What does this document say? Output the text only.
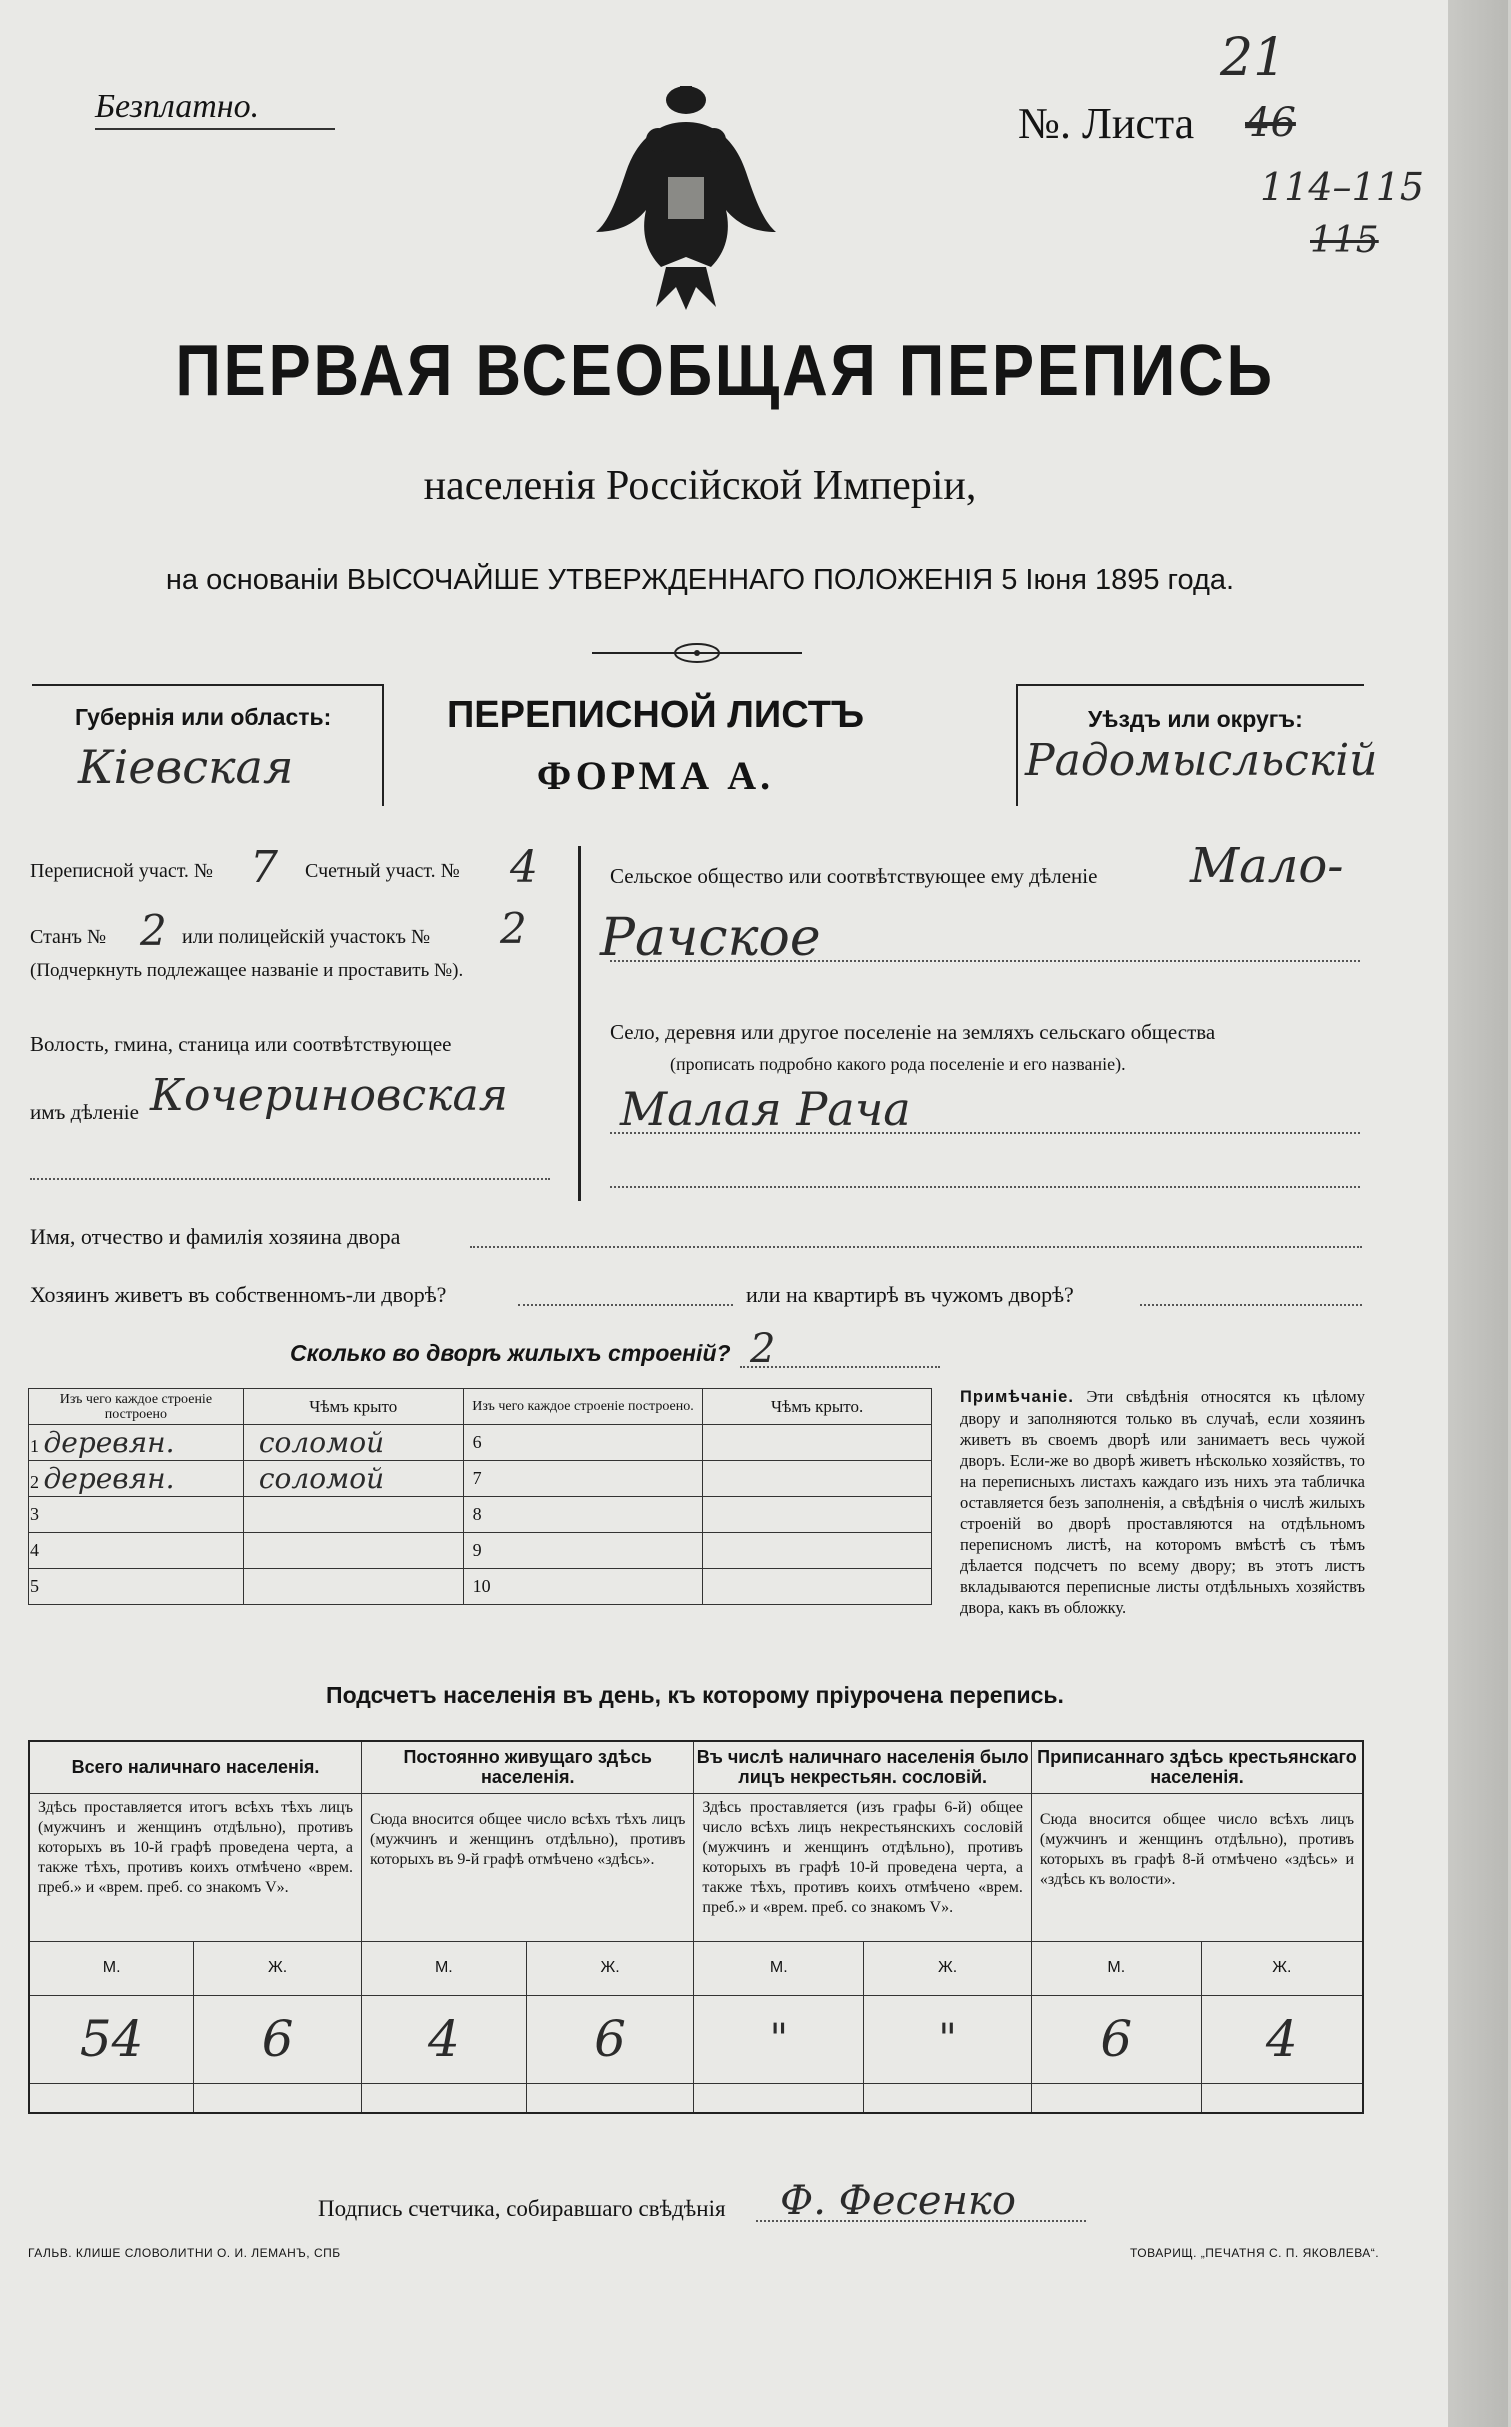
Безплатно.	№. Листа
21
46
114–115
115
ПЕРВАЯ ВСЕОБЩАЯ ПЕРЕПИСЬ
населенія Россійской Имперіи,
на основаніи ВЫСОЧАЙШЕ УТВЕРЖДЕННАГО ПОЛОЖЕНІЯ 5 Іюня 1895 года.
Губернія или область:
Кіевская
ПЕРЕПИСНОЙ ЛИСТЪ
ФОРМА А.
Уѣздъ или округъ:
Радомысльскій
Переписной участ. № 7 Счетный участ. № 4
Станъ № 2 или полицейскій участокъ № 2
(Подчеркнуть подлежащее названіе и проставить №).
Волость, гмина, станица или соотвѣтствующее
имъ дѣленіе Кочериновская
Сельское общество или соотвѣтствующее ему дѣленіе Мало-
Рачское
Село, деревня или другое поселеніе на земляхъ сельскаго общества
(прописать подробно какого рода поселеніе и его названіе).
Малая Рача
Имя, отчество и фамилія хозяина двора
Хозяинъ живетъ въ собственномъ-ли дворѣ?	или на квартирѣ въ чужомъ дворѣ?
Сколько во дворѣ жилыхъ строеній? 2
Изъ чего каждое строеніе построено	Чѣмъ крыто	Изъ чего каждое строеніе построено.	Чѣмъ крыто.
1 деревян.	соломой	6	
2 деревян.	соломой	7	
3		8	
4		9	
5		10	
Примѣчаніе. Эти свѣдѣнія относятся къ цѣлому двору и заполняются только въ случаѣ, если хозяинъ живетъ въ своемъ дворѣ или занимаетъ весь чужой дворъ. Если-же во дворѣ живетъ нѣсколько хозяйствъ, то на переписныхъ листахъ каждаго изъ нихъ эта табличка оставляется безъ заполненія, а свѣдѣнія о числѣ жилыхъ строеній во дворѣ проставляются на отдѣльномъ переписномъ листѣ, на которомъ вмѣстѣ съ тѣмъ дѣлается подсчетъ по всему двору; въ этотъ листъ вкладываются переписные листы отдѣльныхъ хозяйствъ двора, какъ въ обложку.
Подсчетъ населенія въ день, къ которому пріурочена перепись.
Всего наличнаго населенія.		Постоянно живущаго здѣсь населенія.		Въ числѣ наличнаго населенія было лицъ некрестьян. сословій.		Приписаннаго здѣсь крестьянскаго населенія.	
Здѣсь проставляется итогъ всѣхъ тѣхъ лицъ (мужчинъ и женщинъ отдѣльно), противъ которыхъ въ 10-й графѣ проведена черта, а также тѣхъ, противъ коихъ отмѣчено «врем. преб.» и «врем. преб. со знакомъ V».		Сюда вносится общее число всѣхъ тѣхъ лицъ (мужчинъ и женщинъ отдѣльно), противъ которыхъ въ 9-й графѣ отмѣчено «здѣсь».		Здѣсь проставляется (изъ графы 6-й) общее число всѣхъ лицъ некрестьянскихъ сословій (мужчинъ и женщинъ отдѣльно), противъ которыхъ въ графѣ 10-й проведена черта, а также тѣхъ, противъ коихъ отмѣчено «врем. преб.» и «врем. преб. со знакомъ V».		Сюда вносится общее число всѣхъ лицъ (мужчинъ и женщинъ отдѣльно), противъ которыхъ въ графѣ 8-й отмѣчено «здѣсь» и «здѣсь къ волости».	
М.	Ж.	М.	Ж.	М.	Ж.	М.	Ж.
54	6	4	6	"	"	6	4

Подпись счетчика, собиравшаго свѣдѣнія Ф. Фесенко
ГАЛЬВ. КЛИШЕ СЛОВОЛИТНИ О. И. ЛЕМАНЪ, СПБ	ТОВАРИЩ. „ПЕЧАТНЯ С. П. ЯКОВЛЕВА“.
